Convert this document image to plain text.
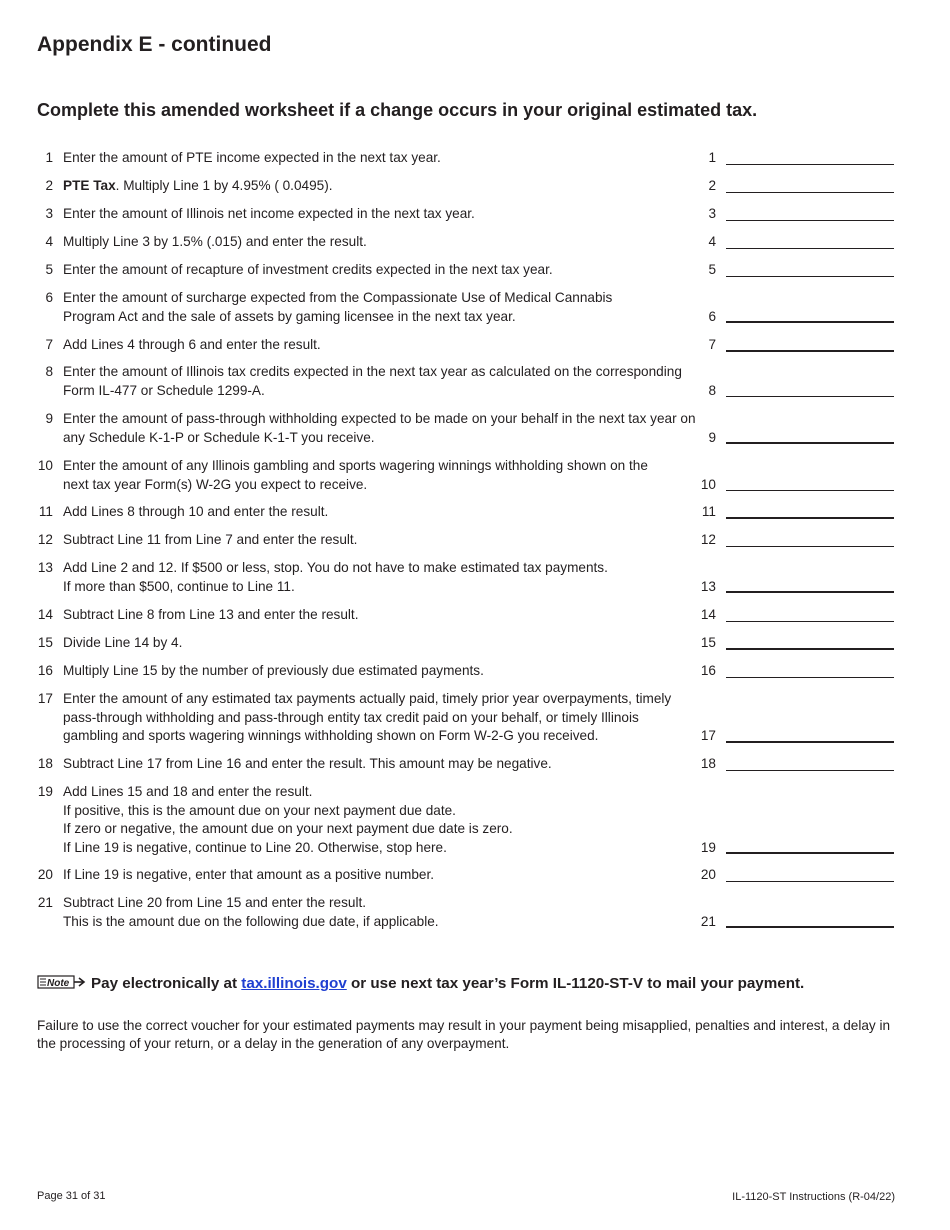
Appendix E - continued
Complete this amended worksheet if a change occurs in your original estimated tax.
1 Enter the amount of PTE income expected in the next tax year.	1
2 PTE Tax. Multiply Line 1 by 4.95% ( 0.0495).	2
3 Enter the amount of Illinois net income expected in the next tax year.	3
4 Multiply Line 3 by 1.5% (.015) and enter the result.	4
5 Enter the amount of recapture of investment credits expected in the next tax year.	5
6 Enter the amount of surcharge expected from the Compassionate Use of Medical Cannabis
Program Act and the sale of assets by gaming licensee in the next tax year.	6
7 Add Lines 4 through 6 and enter the result.	7
8 Enter the amount of Illinois tax credits expected in the next tax year as calculated on the corresponding
Form IL-477 or Schedule 1299-A.	8
9 Enter the amount of pass-through withholding expected to be made on your behalf in the next tax year on
any Schedule K-1-P or Schedule K-1-T you receive.	9
10 Enter the amount of any Illinois gambling and sports wagering winnings withholding shown on the
next tax year Form(s) W-2G you expect to receive.	10
11 Add Lines 8 through 10 and enter the result.	11
12 Subtract Line 11 from Line 7 and enter the result.	12
13 Add Line 2 and 12. If $500 or less, stop. You do not have to make estimated tax payments.
If more than $500, continue to Line 11.	13
14 Subtract Line 8 from Line 13 and enter the result.	14
15 Divide Line 14 by 4.	15
16 Multiply Line 15 by the number of previously due estimated payments.	16
17 Enter the amount of any estimated tax payments actually paid, timely prior year overpayments, timely
pass-through withholding and pass-through entity tax credit paid on your behalf, or timely Illinois
gambling and sports wagering winnings withholding shown on Form W-2-G you received.	17
18 Subtract Line 17 from Line 16 and enter the result. This amount may be negative.	18
19 Add Lines 15 and 18 and enter the result.
If positive, this is the amount due on your next payment due date.
If zero or negative, the amount due on your next payment due date is zero.
If Line 19 is negative, continue to Line 20. Otherwise, stop here.	19
20 If Line 19 is negative, enter that amount as a positive number.	20
21 Subtract Line 20 from Line 15 and enter the result.
This is the amount due on the following due date, if applicable.	21
Note Pay electronically at tax.illinois.gov or use next tax year’s Form IL-1120-ST-V to mail your payment.

Failure to use the correct voucher for your estimated payments may result in your payment being misapplied, penalties and interest, a delay in the processing of your return, or a delay in the generation of any overpayment.

Page 31 of 31	IL-1120-ST Instructions (R-04/22)
